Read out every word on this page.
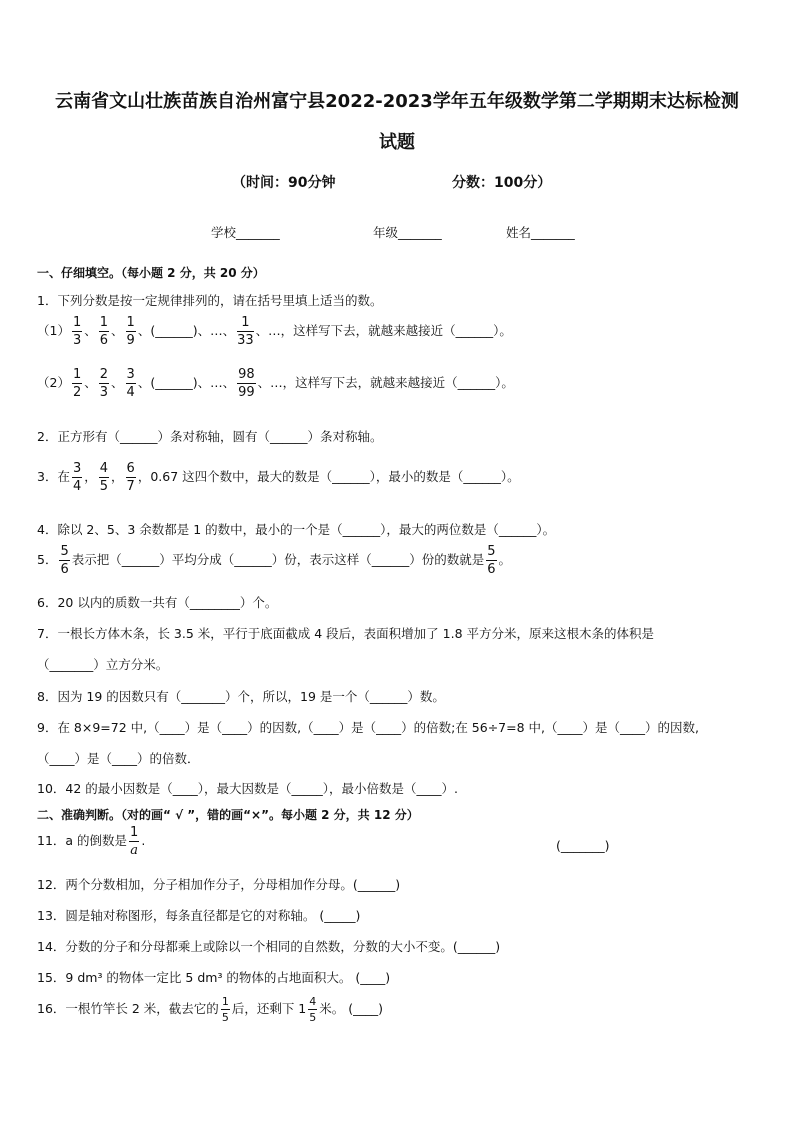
云南省文山壮族苗族自治州富宁县2022-2023学年五年级数学第二学期期末达标检测
试题
（时间：90分钟	分数：100分）
学校_______	年级_______	姓名_______
一、仔细填空。（每小题 2 分，共 20 分）
1．下列分数是按一定规律排列的，请在括号里填上适当的数。
$(1) \frac{1}{3}$ 、 $\frac{1}{6}$ 、 $\frac{1}{9}$ 、(______)、…、 $\frac{1}{33}$ 、…，这样写下去，就越来越接近（______）。
$(2) \frac{1}{2}$ 、 $\frac{2}{3}$ 、 $\frac{3}{4}$ 、(______)、…、 $\frac{98}{99}$ 、…，这样写下去，就越来越接近（______）。
2．正方形有（______）条对称轴，圆有（______）条对称轴。
3．在 $\frac{3}{4}$ ， $\frac{4}{5}$ ， $\frac{6}{7}$ ，0.67 这四个数中，最大的数是（______），最小的数是（______）。
4．除以 2、5、3 余数都是 1 的数中，最小的一个是（______），最大的两位数是（______）。
5． $\frac{5}{6}$ 表示把（______）平均分成（______）份，表示这样（______）份的数就是 $\frac{5}{6}$ 。
6．20 以内的质数一共有（________）个。
7．一根长方体木条，长 3.5 米，平行于底面截成 4 段后，表面积增加了 1.8 平方分米，原来这根木条的体积是
（_______）立方分米。
8．因为 19 的因数只有（_______）个，所以，19 是一个（______）数。
9．在 8×9=72 中,（____）是（____）的因数,（____）是（____）的倍数;在 56÷7=8 中,（____）是（____）的因数,
（____）是（____）的倍数．
10．42 的最小因数是（____），最大因数是（_____），最小倍数是（____）.
二、准确判断。（对的画“ √ ”，错的画“×”。每小题 2 分，共 12 分）
11．a 的倒数是 $\frac{1}{a}$ .	(_______)
12．两个分数相加，分子相加作分子，分母相加作分母。(______)
13．圆是轴对称图形，每条直径都是它的对称轴。 (_____)
14．分数的分子和分母都乘上或除以一个相同的自然数，分数的大小不变。(______)
15．9 dm³ 的物体一定比 5 dm³ 的物体的占地面积大。 (____)
16．一根竹竿长 2 米，截去它的 $\frac{1}{5}$ 后，还剩下 $1 \frac{4}{5}$ 米。 (____)
